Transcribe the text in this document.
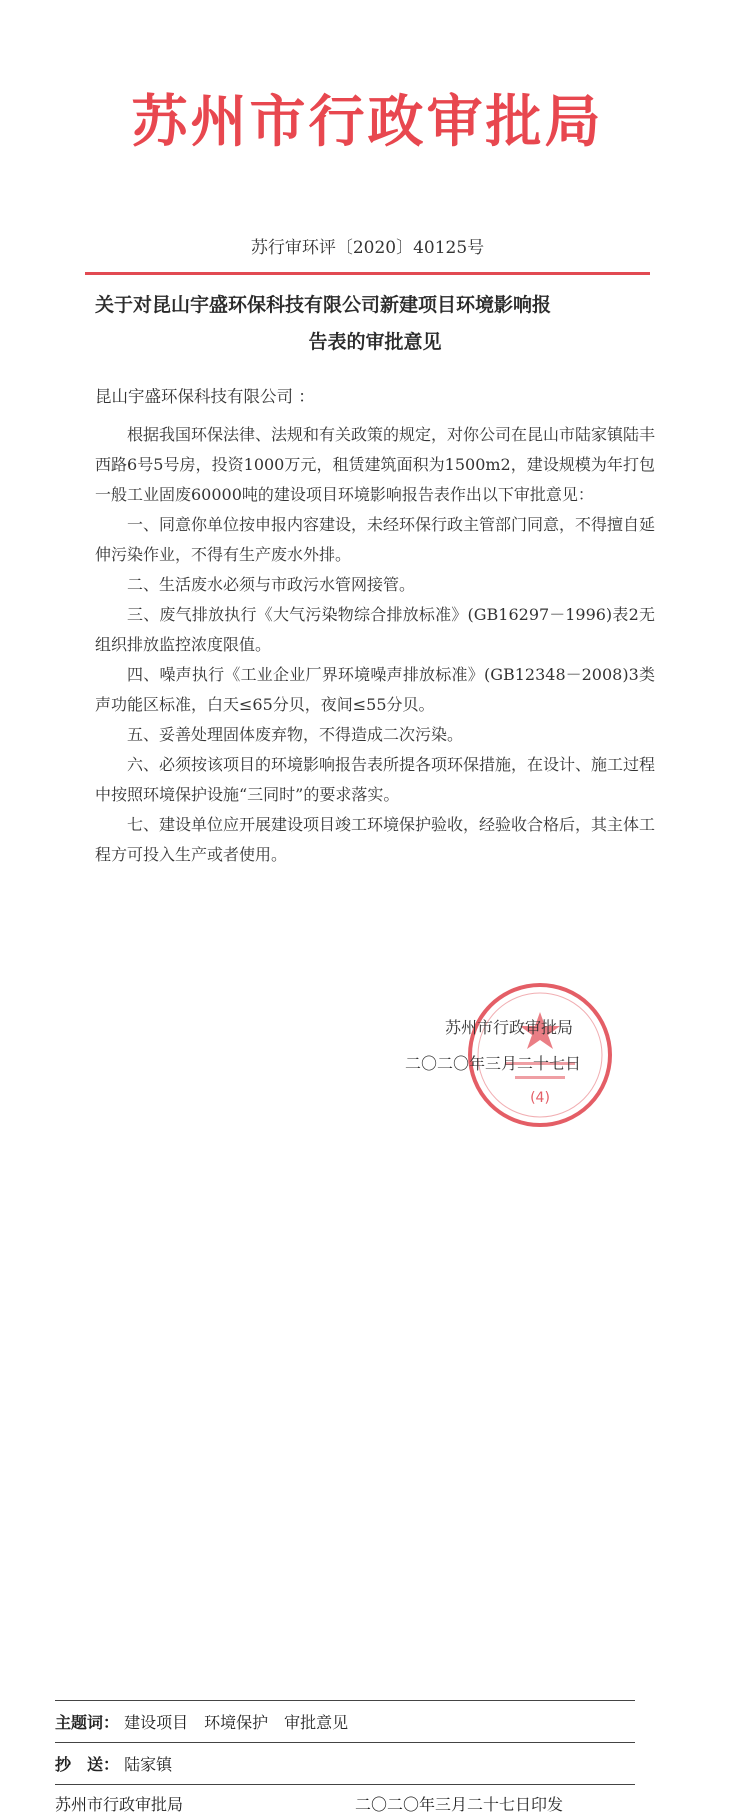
苏州市行政审批局
苏行审环评〔2020〕40125号
关于对昆山宇盛环保科技有限公司新建项目环境影响报
告表的审批意见
昆山宇盛环保科技有限公司 ：

根据我国环保法律、法规和有关政策的规定，对你公司在昆山市陆家镇陆丰西路6号5号房，投资1000万元，租赁建筑面积为1500m2，建设规模为年打包一般工业固废60000吨的建设项目环境影响报告表作出以下审批意见：

一、同意你单位按申报内容建设，未经环保行政主管部门同意，不得擅自延伸污染作业，不得有生产废水外排。

二、生活废水必须与市政污水管网接管。

三、废气排放执行《大气污染物综合排放标准》(GB16297－1996)表2无组织排放监控浓度限值。

四、噪声执行《工业企业厂界环境噪声排放标准》(GB12348－2008)3类声功能区标准，白天≤65分贝，夜间≤55分贝。

五、妥善处理固体废弃物，不得造成二次污染。

六、必须按该项目的环境影响报告表所提各项环保措施，在设计、施工过程中按照环境保护设施“三同时”的要求落实。

七、建设单位应开展建设项目竣工环境保护验收，经验收合格后，其主体工程方可投入生产或者使用。

(4)
苏州市行政审批局
二〇二〇年三月二十七日
主题词： 建设项目　环境保护　审批意见
抄　送： 陆家镇
苏州市行政审批局	二〇二〇年三月二十七日印发
